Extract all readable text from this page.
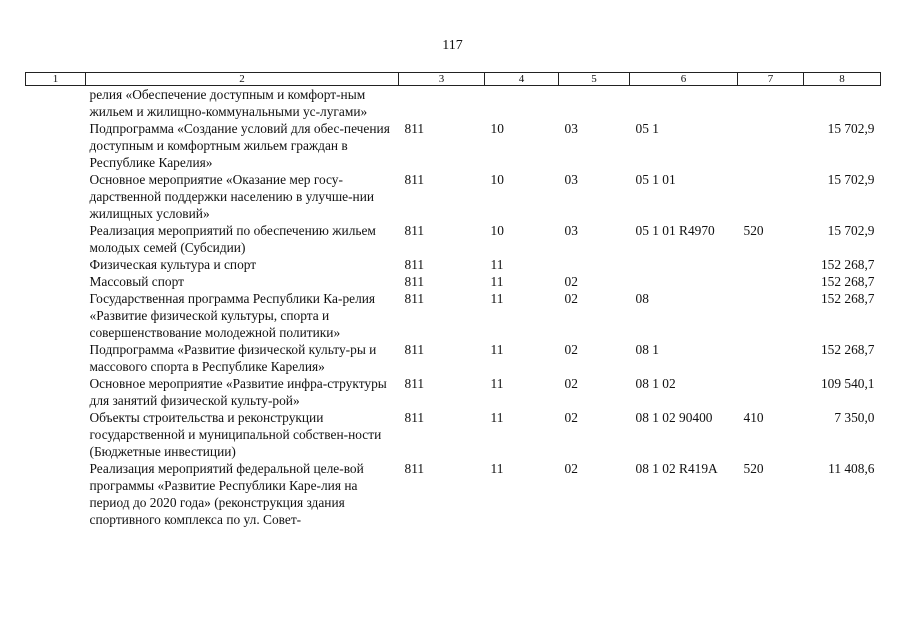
117
1	2	3	4	5	6	7	8
	релия «Обеспечение доступным и комфорт-ным жильем и жилищно-коммунальными ус-лугами»						
	Подпрограмма «Создание условий для обес-печения доступным и комфортным жильем граждан в Республике Карелия»	811	10	03	05 1		15 702,9
	Основное мероприятие «Оказание мер госу-дарственной поддержки населению в улучше-нии жилищных условий»	811	10	03	05 1 01		15 702,9
	Реализация мероприятий по обеспечению жильем молодых семей (Субсидии)	811	10	03	05 1 01 R4970	520	15 702,9
	Физическая культура и спорт	811	11				152 268,7
	Массовый спорт	811	11	02			152 268,7
	Государственная программа Республики Ка-релия «Развитие физической культуры, спорта и совершенствование молодежной политики»	811	11	02	08		152 268,7
	Подпрограмма «Развитие физической культу-ры и массового спорта в Республике Карелия»	811	11	02	08 1		152 268,7
	Основное мероприятие «Развитие инфра-структуры для занятий физической культу-рой»	811	11	02	08 1 02		109 540,1
	Объекты строительства и реконструкции государственной и муниципальной собствен-ности (Бюджетные инвестиции)	811	11	02	08 1 02 90400	410	7 350,0
	Реализация мероприятий федеральной целе-вой программы «Развитие Республики Каре-лия на период до 2020 года» (реконструкция здания спортивного комплекса по ул. Совет-	811	11	02	08 1 02 R419A	520	11 408,6
